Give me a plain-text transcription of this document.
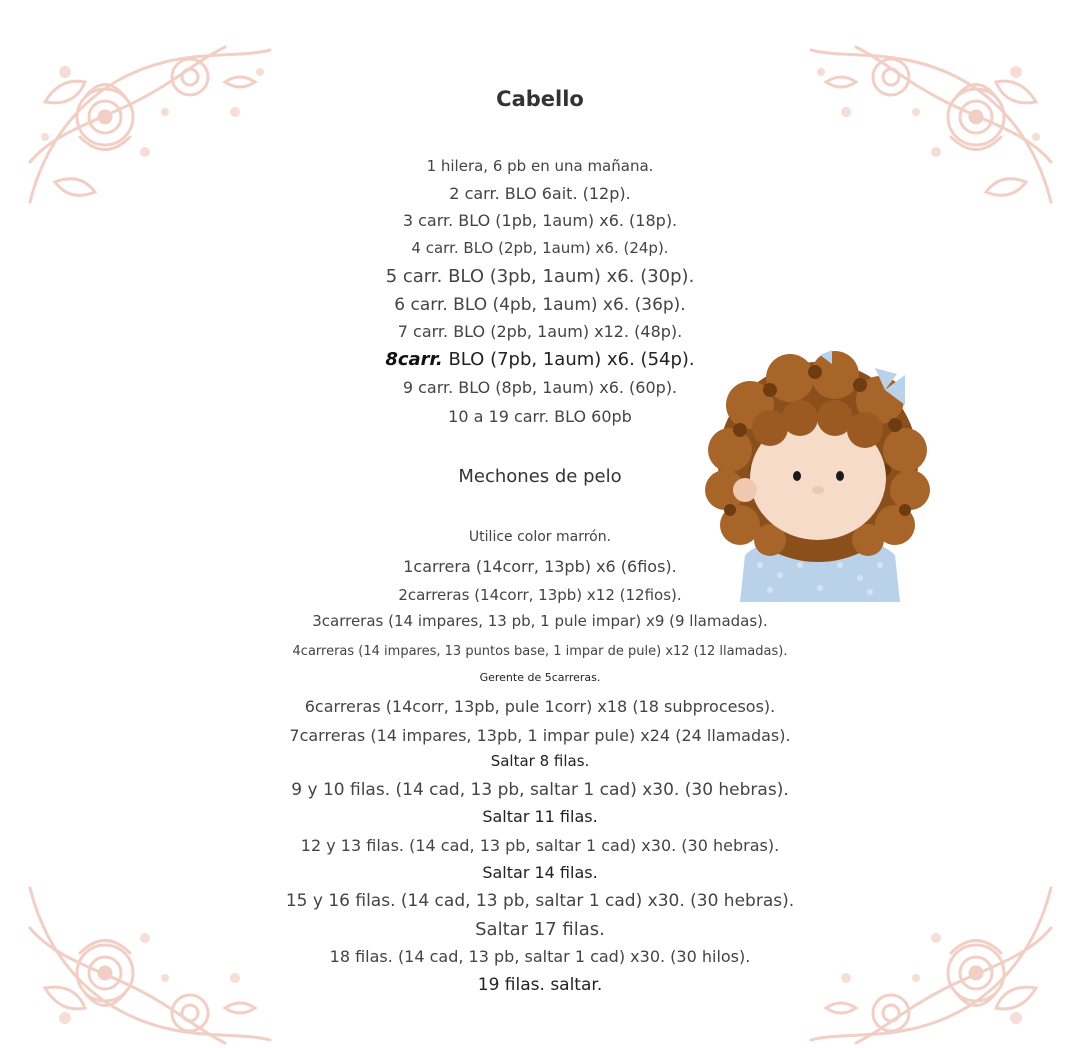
Cabello

1 hilera, 6 pb en una mañana.

2 carr. BLO 6ait. (12p).

3 carr. BLO (1pb, 1aum) x6. (18p).

4 carr. BLO (2pb, 1aum) x6. (24p).

5 carr. BLO (3pb, 1aum) x6. (30p).

6 carr. BLO (4pb, 1aum) x6. (36p).

7 carr. BLO (2pb, 1aum) x12. (48p).

8carr. BLO (7pb, 1aum) x6. (54p).

9 carr. BLO (8pb, 1aum) x6. (60p).

10 a 19 carr. BLO 60pb

Mechones de pelo

Utilice color marrón.

1carrera (14corr, 13pb) x6 (6fios).

2carreras (14corr, 13pb) x12 (12fios).

3carreras (14 impares, 13 pb, 1 pule impar) x9 (9 llamadas).

4carreras (14 impares, 13 puntos base, 1 impar de pule) x12 (12 llamadas).

Gerente de 5carreras.

6carreras (14corr, 13pb, pule 1corr) x18 (18 subprocesos).

7carreras (14 impares, 13pb, 1 impar pule) x24 (24 llamadas).

Saltar 8 filas.

9 y 10 filas. (14 cad, 13 pb, saltar 1 cad) x30. (30 hebras).

Saltar 11 filas.

12 y 13 filas. (14 cad, 13 pb, saltar 1 cad) x30. (30 hebras).

Saltar 14 filas.

15 y 16 filas. (14 cad, 13 pb, saltar 1 cad) x30. (30 hebras).

Saltar 17 filas.

18 filas. (14 cad, 13 pb, saltar 1 cad) x30. (30 hilos).

19 filas. saltar.
